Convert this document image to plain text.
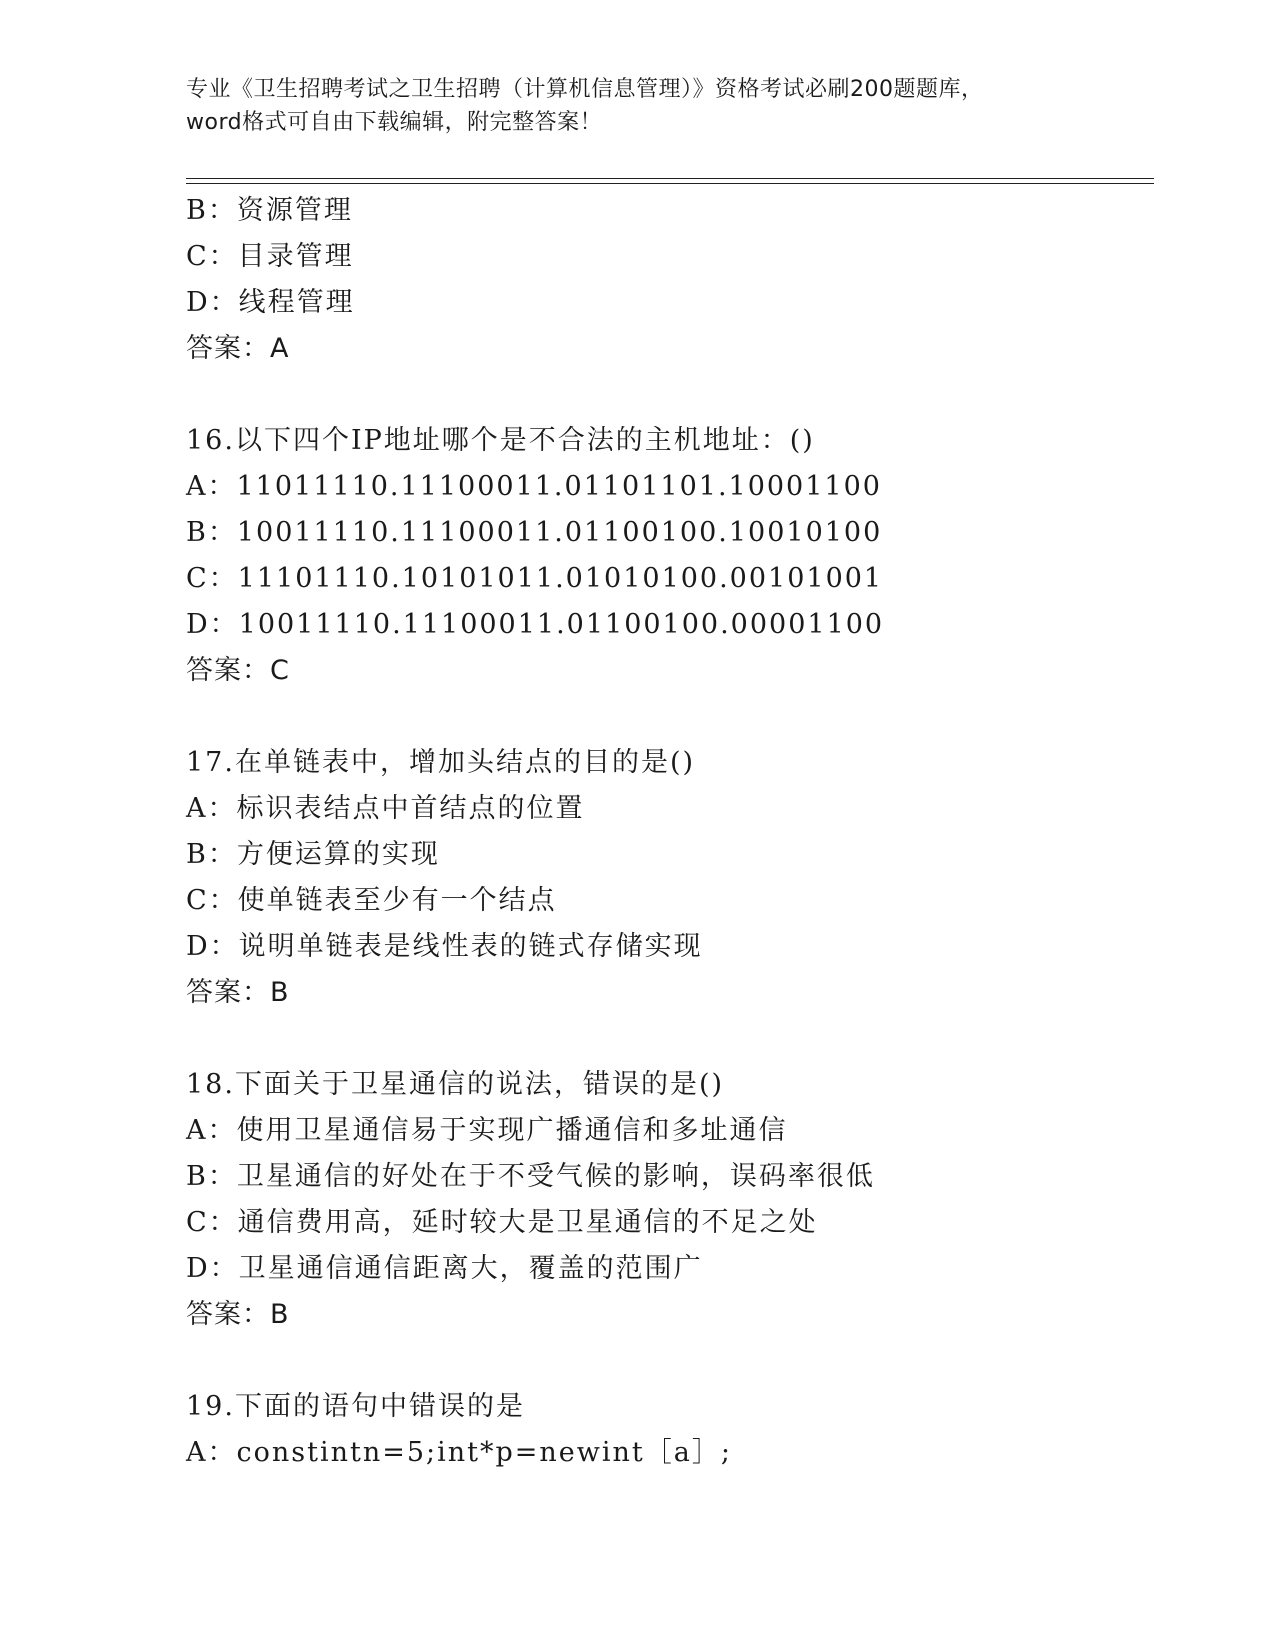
专业《卫生招聘考试之卫生招聘（计算机信息管理）》资格考试必刷200题题库，
word格式可自由下载编辑，附完整答案！
B：资源管理
C：目录管理
D：线程管理
答案：A
16.以下四个IP地址哪个是不合法的主机地址：()
A：11011110.11100011.01101101.10001100
B：10011110.11100011.01100100.10010100
C：11101110.10101011.01010100.00101001
D：10011110.11100011.01100100.00001100
答案：C
17.在单链表中，增加头结点的目的是()
A：标识表结点中首结点的位置
B：方便运算的实现
C：使单链表至少有一个结点
D：说明单链表是线性表的链式存储实现
答案：B
18.下面关于卫星通信的说法，错误的是()
A：使用卫星通信易于实现广播通信和多址通信
B：卫星通信的好处在于不受气候的影响，误码率很低
C：通信费用高，延时较大是卫星通信的不足之处
D：卫星通信通信距离大，覆盖的范围广
答案：B
19.下面的语句中错误的是
A：constintn=5;int*p=newint［a］;
